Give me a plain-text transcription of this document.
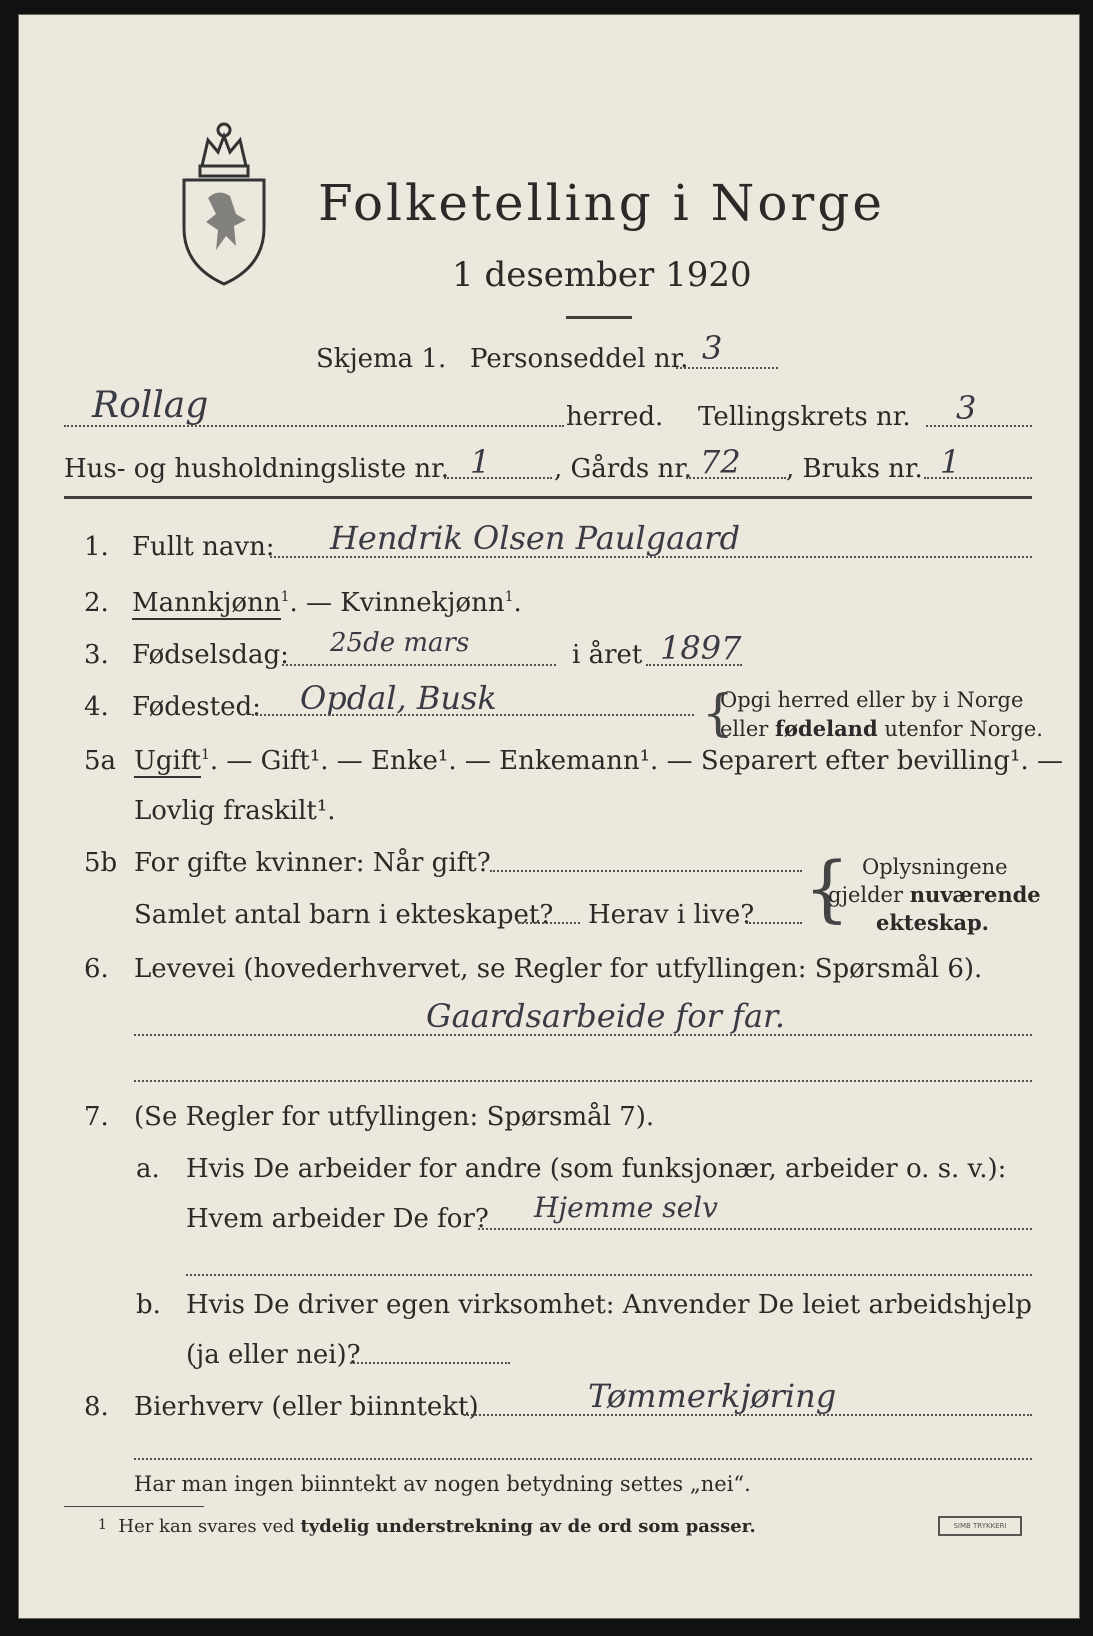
Folketelling i Norge
1 desember 1920
Skjema 1. Personseddel nr. 3
Rollag	herred. Tellingskrets nr. 3
Hus- og husholdningsliste nr. 1 , Gårds nr. 72 , Bruks nr. 1
1. Fullt navn: Hendrik Olsen Paulgaard
2. Mannkjønn$^1$. — Kvinnekjønn$^1$.
3. Fødselsdag: 25de mars	i året 1897
4. Fødested: Opdal, Busk	Opgi herred eller by i Norge
eller fødeland utenfor Norge.
{
5a Ugift$^1$. — Gift¹. — Enke¹. — Enkemann¹. — Separert efter bevilling¹. —
Lovlig fraskilt¹.
5b For gifte kvinner: Når gift?
Samlet antal barn i ekteskapet? Herav i live? { Oplysningene
gjelder nuværende
ekteskap.
6. Levevei (hovederhvervet, se Regler for utfyllingen: Spørsmål 6).
Gaardsarbeide for far.
7. (Se Regler for utfyllingen: Spørsmål 7).
a. Hvis De arbeider for andre (som funksjonær, arbeider o. s. v.):
Hvem arbeider De for? Hjemme selv
b. Hvis De driver egen virksomhet: Anvender De leiet arbeidshjelp
(ja eller nei)?
8. Bierhverv (eller biinntekt)	Tømmerkjøring
Har man ingen biinntekt av nogen betydning settes „nei“.
$^1$ Her kan svares ved tydelig understrekning av de ord som passer.	SIMB TRYKKERI
